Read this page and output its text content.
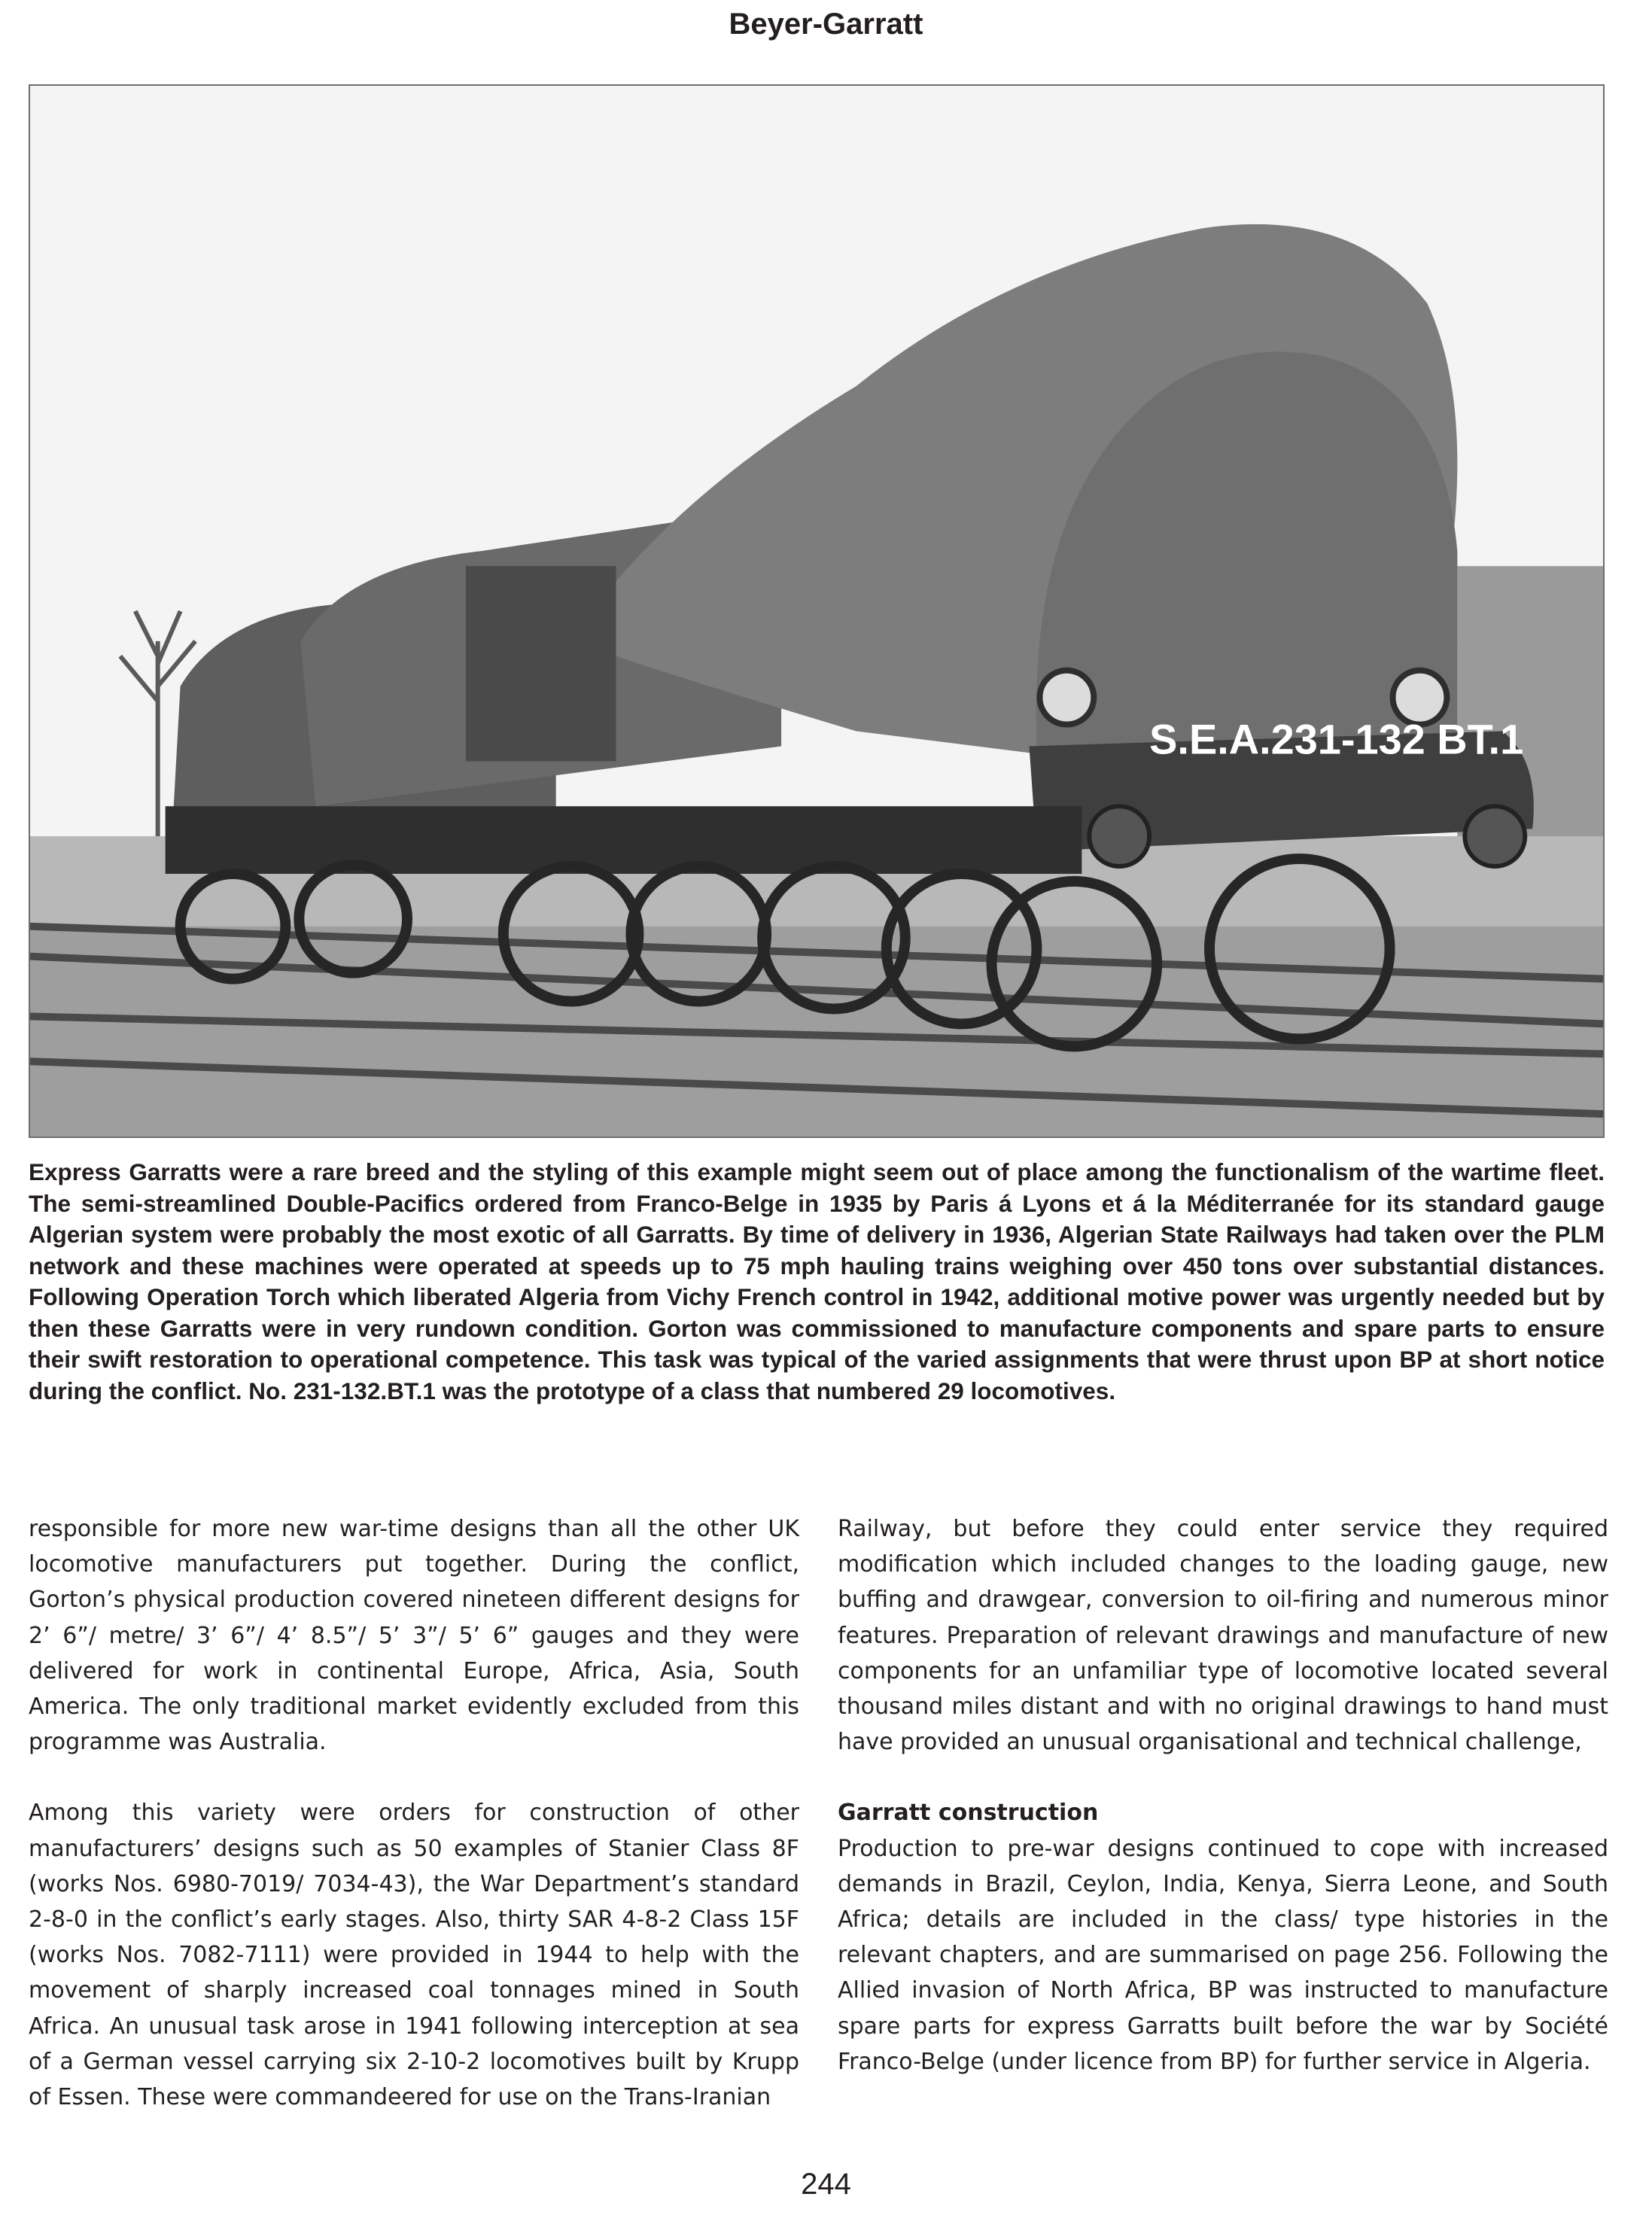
Beyer-Garratt
S.E.A.231-132 BT.1
Express Garratts were a rare breed and the styling of this example might seem out of place among the functionalism of the wartime fleet. The semi-streamlined Double-Pacifics ordered from Franco-Belge in 1935 by Paris á Lyons et á la Méditerranée for its standard gauge Algerian system were probably the most exotic of all Garratts. By time of delivery in 1936, Algerian State Railways had taken over the PLM network and these machines were operated at speeds up to 75 mph hauling trains weighing over 450 tons over substantial distances. Following Operation Torch which liberated Algeria from Vichy French control in 1942, additional motive power was urgently needed but by then these Garratts were in very rundown condition. Gorton was commissioned to manufacture components and spare parts to ensure their swift restoration to operational competence. This task was typical of the varied assignments that were thrust upon BP at short notice during the conflict. No. 231-132.BT.1 was the prototype of a class that numbered 29 locomotives.

responsible for more new war-time designs than all the other UK locomotive manufacturers put together. During the conflict, Gorton’s physical production covered nineteen different designs for 2’ 6”/ metre/ 3’ 6”/ 4’ 8.5”/ 5’ 3”/ 5’ 6” gauges and they were delivered for work in continental Europe, Africa, Asia, South America. The only traditional market evidently excluded from this programme was Australia.

Among this variety were orders for construction of other manufacturers’ designs such as 50 examples of Stanier Class 8F (works Nos. 6980-7019/ 7034-43), the War Department’s standard 2-8-0 in the conflict’s early stages. Also, thirty SAR 4-8-2 Class 15F (works Nos. 7082-7111) were provided in 1944 to help with the movement of sharply increased coal tonnages mined in South Africa. An unusual task arose in 1941 following interception at sea of a German vessel carrying six 2-10-2 locomotives built by Krupp of Essen. These were commandeered for use on the Trans-Iranian

Railway, but before they could enter service they required modification which included changes to the loading gauge, new buffing and drawgear, conversion to oil-firing and numerous minor features. Preparation of relevant drawings and manufacture of new components for an unfamiliar type of locomotive located several thousand miles distant and with no original drawings to hand must have provided an unusual organisational and technical challenge,

Garratt construction

Production to pre-war designs continued to cope with increased demands in Brazil, Ceylon, India, Kenya, Sierra Leone, and South Africa; details are included in the class/ type histories in the relevant chapters, and are summarised on page 256. Following the Allied invasion of North Africa, BP was instructed to manufacture spare parts for express Garratts built before the war by Société Franco-Belge (under licence from BP) for further service in Algeria.

244
